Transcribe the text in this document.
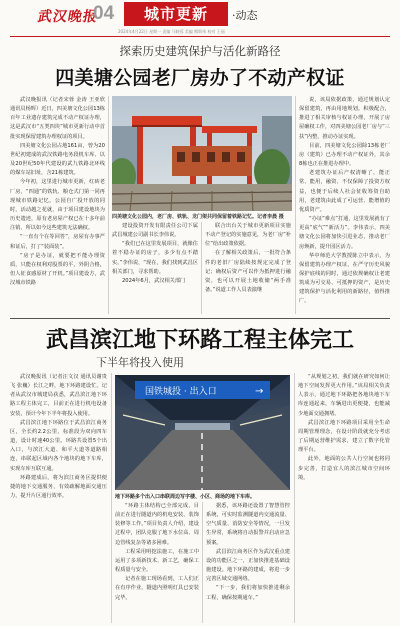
武汉晚报
04	城市更新	·动态
2024年4月22日 星期一 责编 马晓蓉 美编 熊斯伟 校对 王丽
探索历史建筑保护与活化新路径
四美塘公园老厂房办了不动产权证

武汉晚报讯（记者宋蓉 金涛 王亚欣 通讯员杨辉）近日，四美塘文化公园13栋百年工业遗存建筑完成不动产权证办理，这是武汉市“五类四块”城市更新行动中首批实现保留建筑办理权证的项目。

四美塘文化公园占地161亩，曾为20世纪初建成的武汉铁路电务段机车库、以及20世纪50年代建设的武九铁路北环线的煤车站旧址，含21栋建筑。

今年初，这里进行城市更新，红砖老厂房、“四通”的铁轨、粮仓式门第一同再现城市铁路记忆。公园自广投开放的同时，活动越之花就，由于项目建设地块为历史遗迹，原有老房屋产权已在十多年前注销，所以如今这些建筑无法确权。

“一直有个在等回答”，房屋有办事严和证后，打了“装面装”。

“房子是办证，就要把不能办理资质，只能在权利对股票的平，外阴合格，但人征食感原材了开机。”项目建设方，武汉城市铁路

四美塘文化公园内，老厂房、铁轨、龙门架共同保留着铁路记忆。记者李晨 摄

建设投资开发有限责任公司下属武昌城建公司副书长李伟说。

“我们已在这里发展项目，就像住着不稳办证的房子，多少有点不踏实。”李伟说，“现在，我们找到武昌区相关部门，寻求帮助。

2024年6月，武汉相关部门

联合出台关于城市更新项目实施不动产登记的实施意见，为老厂房“补位”给出政策依据。

在了解相关政策后，一批符合条件的老旧厂房陆续按规定完成了登记；确权后资产可以作为抵押进行融资，也可以开展土地收储“两手准备。”说道工作人员表演继

说，该局依据政策，通过规划认定保留建筑，再由用地规划。积极配合，推进了相关审核与权证办理，开展了房屋确权工作，对四美塘公园老厂房与“三扶”内整，推动办证实现。

目前，四美塘文化公园除13栋老厂房（建筑）已办理不动产权证外，其余8栋也正在推进办理中。

老建筑办证后产权清晰了，能正常、能用，融资、不仅保障了投资方权益，也便于后续人社会征收筹资自助用，老建筑由此成了可运营、能增值的优质资产。

“办证”难点”打通，这里发展就有了更高“底气”“新活力”。李伟表示，四美塘文化公园将加快引进业态，推动老厂房焕新，提升园区活力。

华中师范大学教授陈立中表示，为保留建筑办理产权证，在严守历史风貌保护底线的同时，通过依规确权让老建筑成为可交易、可抵押的资产，是历史建筑保护与活化利用的新路径，值得推广。

武昌滨江地下环路工程主体完工
下半年将投入使用

武汉晚报讯（记者汪文汉 通讯员谢贵飞 张巍）长江之畔，地下环路建设忙。记者从武汉市城建局获悉，武昌滨江地下环路工程主体完工，目前正在进行机电设备安装，预计今年下半年将投入使用。

武昌滨江地下环路位于武昌滨江商务区，全长约2.2公里，标准段为双向四车道，设计时速40公里。环路共设置5个出入口，与滨江大道、和平大道等道路相连，串联起区域内各个地块的地下车库，实现车库互联互通。

环路建成后，将为滨江商务区提供便捷的地下交通服务，有效疏解地面交通压力，提升片区通行效率。

国铁城投 · 出入口	→
地下环路多个出入口串联周边写字楼、小区、商场的地下车库。

“环路主体结构已全部完成，目前正在进行隧道内的机电安装、装饰装修等工作。”项目负责人介绍，建设过程中，团队克服了地下水位高、周边管线复杂等诸多困难。

工程采用明挖法施工，在施工中运用了多项新技术、新工艺，确保工程质量与安全。

记者在施工现场看到，工人们正在有序作业，隧道内照明灯具已安装完毕。

据悉，该环路还设置了智慧管控系统，可实时监测隧道内交通流量、空气质量、消防安全等情况，一旦发生异常，系统将自动报警并启动应急预案。

武昌滨江商务区作为武汉重点建设的功能区之一，正加快推进基础设施建设。地下环路的建成，将进一步完善区域交通网络。

“下一步，我们将加快推进剩余工程，确保按期通车。”

“从规划之初，我们就在研究如何让地下空间发挥更大作用。”该局相关负责人表示，通过地下环路把各地块地下车库连通起来，车辆进出更便捷，也能减少地面交通拥堵。

武昌滨江地下环路项目采用全生命周期管理理念，在设计阶段就充分考虑了后期运营维护需求，建立了数字化管理平台。

此外，地面的公共人行空间也将同步完善，打造宜人的滨江城市空间环境。
